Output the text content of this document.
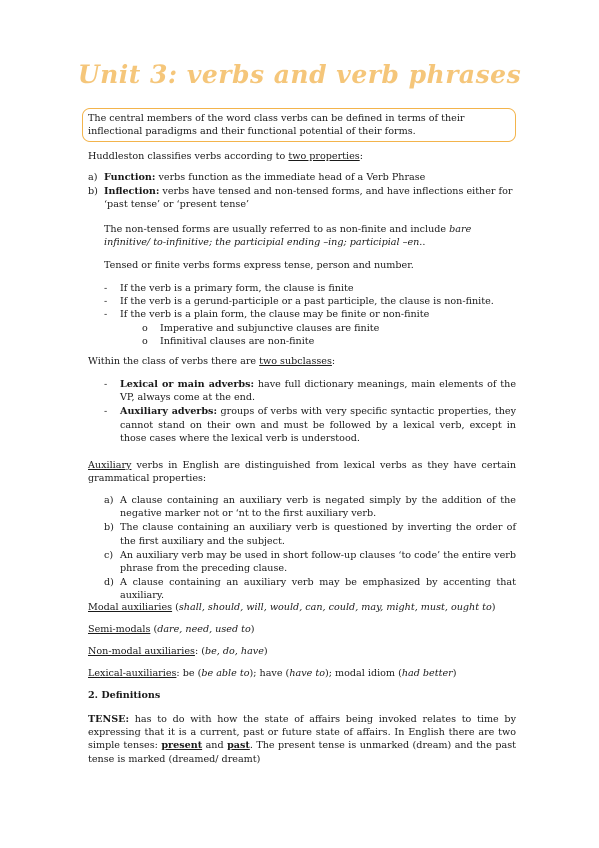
Unit 3: verbs and verb phrases
The central members of the word class verbs can be defined in terms of their inflectional paradigms and their functional potential of their forms.
Huddleston classifies verbs according to two properties:
a) Function: verbs function as the immediate head of a Verb Phrase
b) Inflection: verbs have tensed and non-tensed forms, and have inflections either for ‘past tense’ or ‘present tense’
The non-tensed forms are usually referred to as non-finite and include bare infinitive/ to-infinitive; the participial ending –ing; participial –en..
Tensed or finite verbs forms express tense, person and number.
- If the verb is a primary form, the clause is finite
- If the verb is a gerund-participle or a past participle, the clause is non-finite.
- If the verb is a plain form, the clause may be finite or non-finite
o Imperative and subjunctive clauses are finite
o Infinitival clauses are non-finite
Within the class of verbs there are two subclasses:
- Lexical or main adverbs: have full dictionary meanings, main elements of the VP, always come at the end.
- Auxiliary adverbs: groups of verbs with very specific syntactic properties, they cannot stand on their own and must be followed by a lexical verb, except in those cases where the lexical verb is understood.
Auxiliary verbs in English are distinguished from lexical verbs as they have certain grammatical properties:
a) A clause containing an auxiliary verb is negated simply by the addition of the negative marker not or ‘nt to the first auxiliary verb.
b) The clause containing an auxiliary verb is questioned by inverting the order of the first auxiliary and the subject.
c) An auxiliary verb may be used in short follow-up clauses ‘to code’ the entire verb phrase from the preceding clause.
d) A clause containing an auxiliary verb may be emphasized by accenting that auxiliary.
Modal auxiliaries (shall, should, will, would, can, could, may, might, must, ought to)
Semi-modals (dare, need, used to)
Non-modal auxiliaries: (be, do, have)
Lexical-auxiliaries: be (be able to); have (have to); modal idiom (had better)
2. Definitions
TENSE: has to do with how the state of affairs being invoked relates to time by expressing that it is a current, past or future state of affairs. In English there are two simple tenses: present and past. The present tense is unmarked (dream) and the past tense is marked (dreamed/ dreamt)
